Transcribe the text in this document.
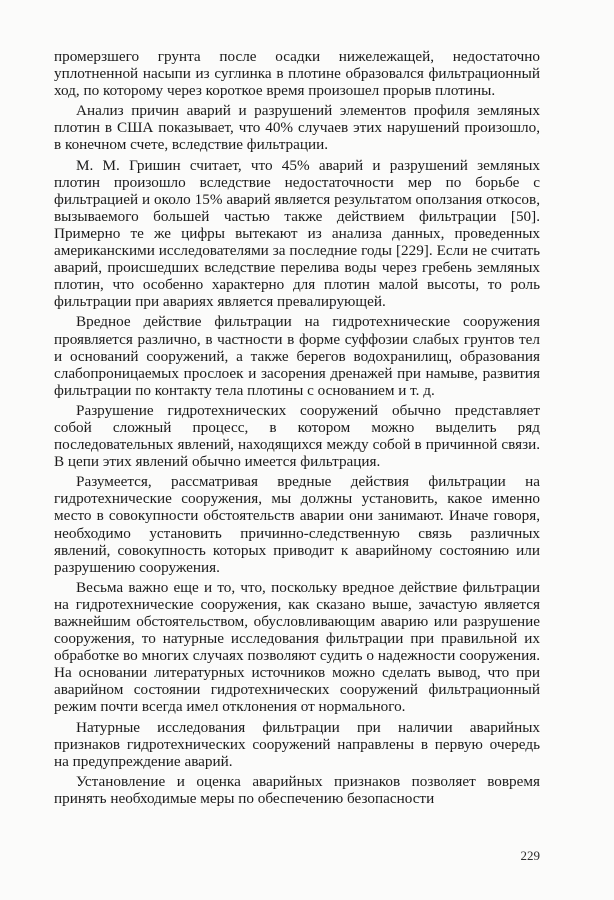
промерзшего грунта после осадки нижележащей, недостаточно уплотненной насыпи из суглинка в плотине образовался фильтрационный ход, по которому через короткое время произошел прорыв плотины.

Анализ причин аварий и разрушений элементов профиля земляных плотин в США показывает, что 40% случаев этих нарушений произошло, в конечном счете, вследствие фильтрации.

М. М. Гришин считает, что 45% аварий и разрушений земляных плотин произошло вследствие недостаточности мер по борьбе с фильтрацией и около 15% аварий является результатом оползания откосов, вызываемого большей частью также действием фильтрации [50]. Примерно те же цифры вытекают из анализа данных, проведенных американскими исследователями за последние годы [229]. Если не считать аварий, происшедших вследствие перелива воды через гребень земляных плотин, что особенно характерно для плотин малой высоты, то роль фильтрации при авариях является превалирующей.

Вредное действие фильтрации на гидротехнические сооружения проявляется различно, в частности в форме суффозии слабых грунтов тел и оснований сооружений, а также берегов водохранилищ, образования слабопроницаемых прослоек и засорения дренажей при намыве, развития фильтрации по контакту тела плотины с основанием и т. д.

Разрушение гидротехнических сооружений обычно представляет собой сложный процесс, в котором можно выделить ряд последовательных явлений, находящихся между собой в причинной связи. В цепи этих явлений обычно имеется фильтрация.

Разумеется, рассматривая вредные действия фильтрации на гидротехнические сооружения, мы должны установить, какое именно место в совокупности обстоятельств аварии они занимают. Иначе говоря, необходимо установить причинно-следственную связь различных явлений, совокупность которых приводит к аварийному состоянию или разрушению сооружения.

Весьма важно еще и то, что, поскольку вредное действие фильтрации на гидротехнические сооружения, как сказано выше, зачастую является важнейшим обстоятельством, обусловливающим аварию или разрушение сооружения, то натурные исследования фильтрации при правильной их обработке во многих случаях позволяют судить о надежности сооружения. На основании литературных источников можно сделать вывод, что при аварийном состоянии гидротехнических сооружений фильтрационный режим почти всегда имел отклонения от нормального.

Натурные исследования фильтрации при наличии аварийных признаков гидротехнических сооружений направлены в первую очередь на предупреждение аварий.

Установление и оценка аварийных признаков позволяет вовремя принять необходимые меры по обеспечению безопасности

229
